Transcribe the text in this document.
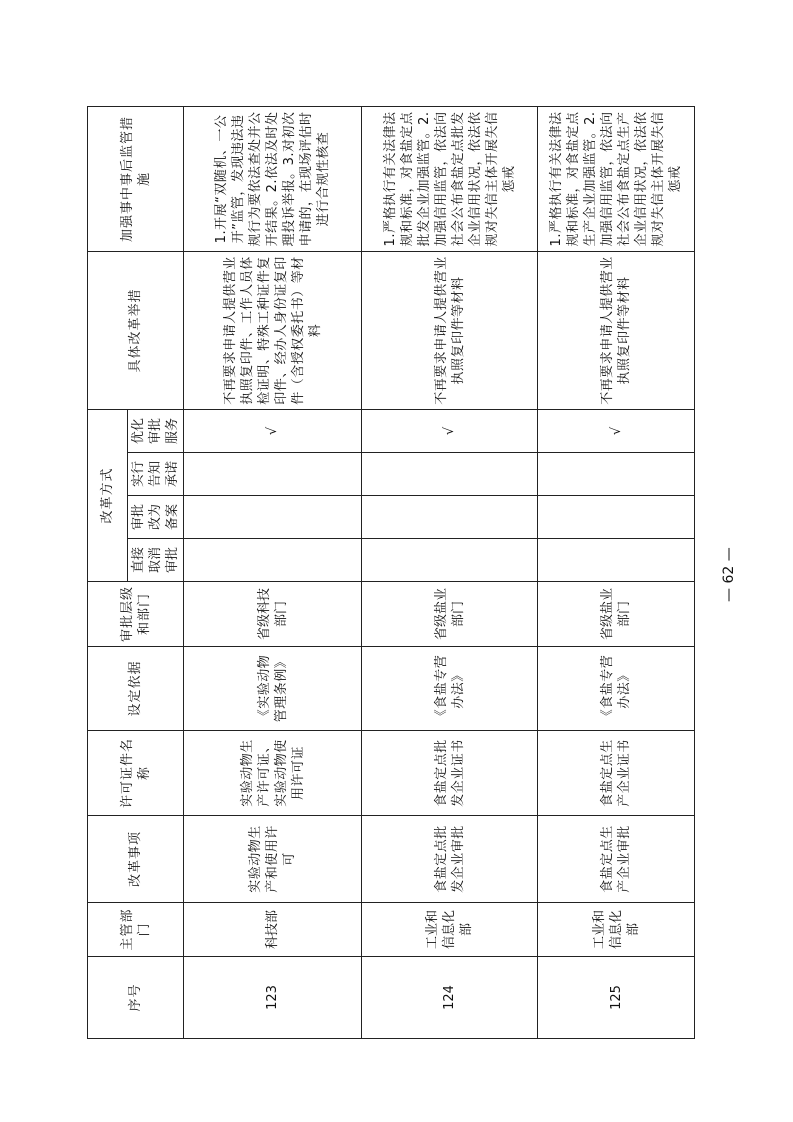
序号	主管部门	改革事项	许可证件名称	设定依据	审批层级和部门	改革方式				具体改革举措	加强事中事后监管措施
						直接取消审批	审批改为备案	实行告知承诺	优化审批服务		
123	科技部	实验动物生产和使用许可	实验动物生产许可证、实验动物使用许可证	《实验动物管理条例》	省级科技部门				√	不再要求申请人提供营业执照复印件、工作人员体检证明、特殊工种证件复印件、经办人身份证复印件（含授权委托书）等材料	1.开展“双随机、一公开”监管，发现违法违规行为要依法查处并公开结果。2.依法及时处理投诉举报。3.对初次申请的，在现场评估时进行合规性核查
124	工业和信息化部	食盐定点批发企业审批	食盐定点批发企业证书	《食盐专营办法》	省级盐业部门				√	不再要求申请人提供营业执照复印件等材料	1.严格执行有关法律法规和标准，对食盐定点批发企业加强监管。2.加强信用监管，依法向社会公布食盐定点批发企业信用状况，依法依规对失信主体开展失信惩戒
125	工业和信息化部	食盐定点生产企业审批	食盐定点生产企业证书	《食盐专营办法》	省级盐业部门				√	不再要求申请人提供营业执照复印件等材料	1.严格执行有关法律法规和标准，对食盐定点生产企业加强监管。2.加强信用监管，依法向社会公布食盐定点生产企业信用状况，依法依规对失信主体开展失信惩戒
— 62 —
